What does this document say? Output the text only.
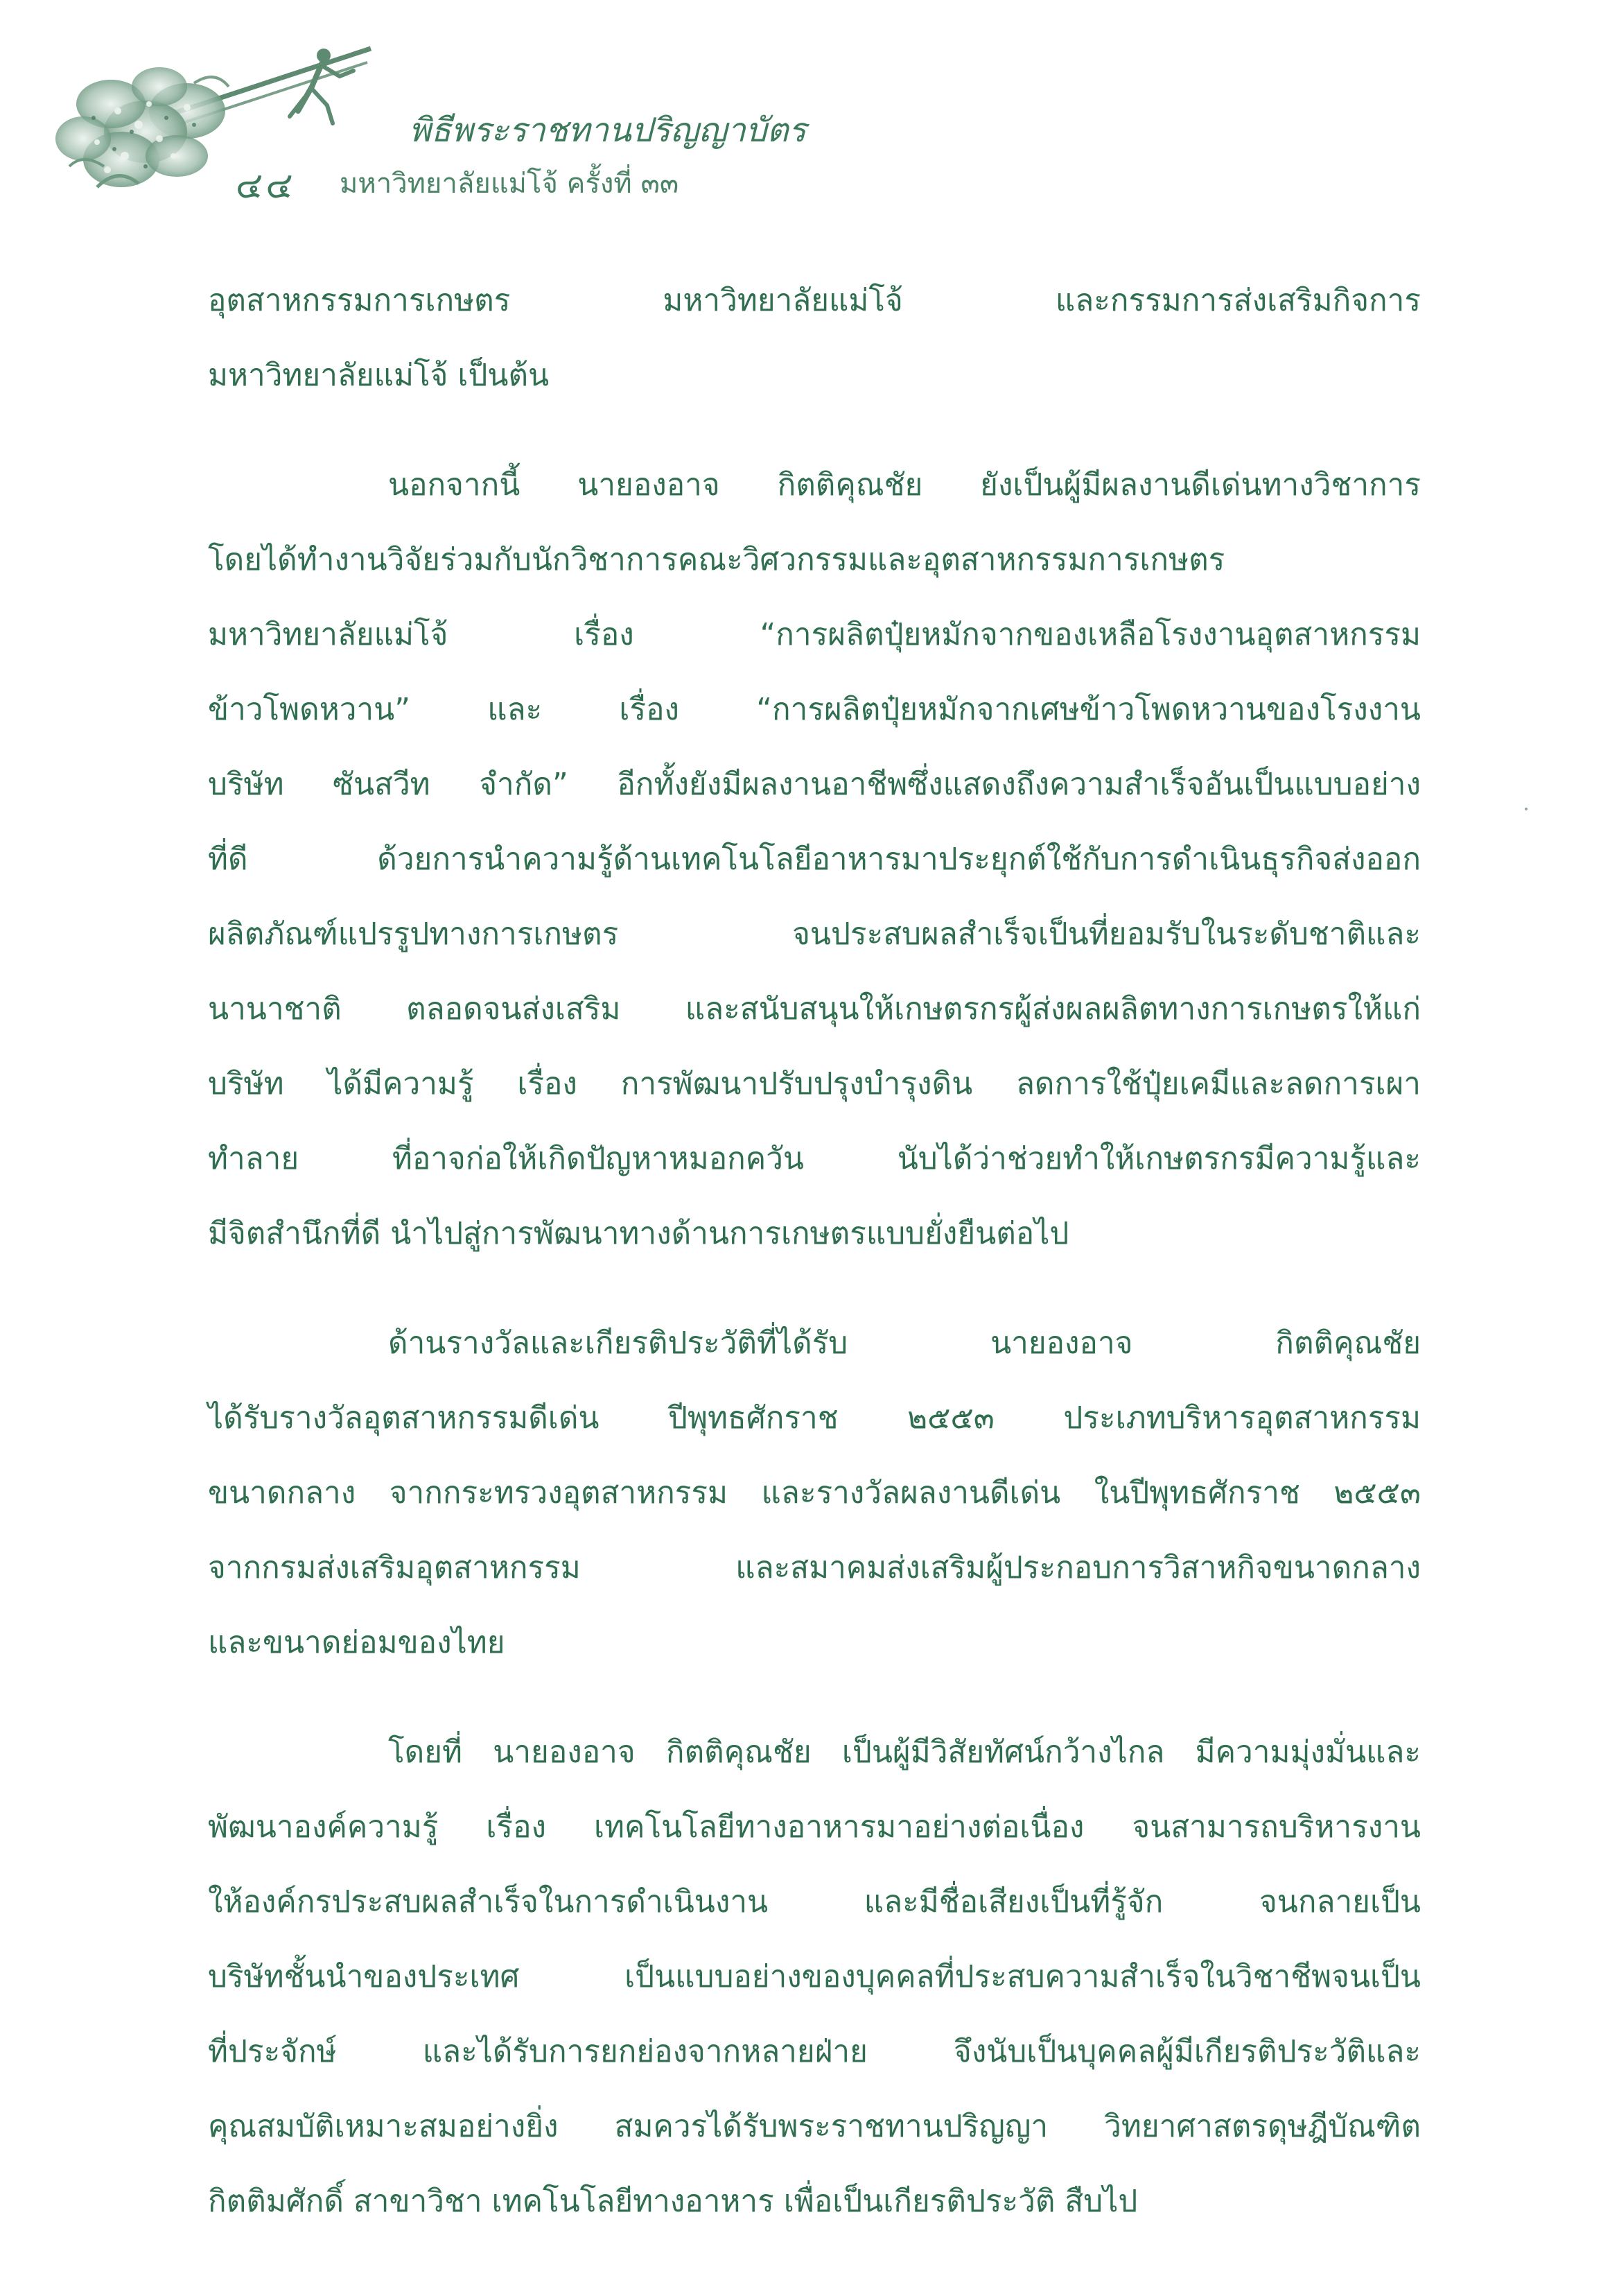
พิธีพระราชทานปริญญาบัตร
๔๔ มหาวิทยาลัยแม่โจ้ ครั้งที่ ๓๓
อุตสาหกรรมการเกษตร มหาวิทยาลัยแม่โจ้ และกรรมการส่งเสริมกิจการ
มหาวิทยาลัยแม่โจ้ เป็นต้น
นอกจากนี้ นายองอาจ กิตติคุณชัย ยังเป็นผู้มีผลงานดีเด่นทางวิชาการ
โดยได้ทำงานวิจัยร่วมกับนักวิชาการคณะวิศวกรรมและอุตสาหกรรมการเกษตร
มหาวิทยาลัยแม่โจ้ เรื่อง “การผลิตปุ๋ยหมักจากของเหลือโรงงานอุตสาหกรรม
ข้าวโพดหวาน” และ เรื่อง “การผลิตปุ๋ยหมักจากเศษข้าวโพดหวานของโรงงาน
บริษัท ซันสวีท จำกัด” อีกทั้งยังมีผลงานอาชีพซึ่งแสดงถึงความสำเร็จอันเป็นแบบอย่าง
ที่ดี ด้วยการนำความรู้ด้านเทคโนโลยีอาหารมาประยุกต์ใช้กับการดำเนินธุรกิจส่งออก
ผลิตภัณฑ์แปรรูปทางการเกษตร จนประสบผลสำเร็จเป็นที่ยอมรับในระดับชาติและ
นานาชาติ ตลอดจนส่งเสริม และสนับสนุนให้เกษตรกรผู้ส่งผลผลิตทางการเกษตรให้แก่
บริษัท ได้มีความรู้ เรื่อง การพัฒนาปรับปรุงบำรุงดิน ลดการใช้ปุ๋ยเคมีและลดการเผา
ทำลาย ที่อาจก่อให้เกิดปัญหาหมอกควัน นับได้ว่าช่วยทำให้เกษตรกรมีความรู้และ
มีจิตสำนึกที่ดี นำไปสู่การพัฒนาทางด้านการเกษตรแบบยั่งยืนต่อไป
ด้านรางวัลและเกียรติประวัติที่ได้รับ นายองอาจ กิตติคุณชัย
ได้รับรางวัลอุตสาหกรรมดีเด่น ปีพุทธศักราช ๒๕๕๓ ประเภทบริหารอุตสาหกรรม
ขนาดกลาง จากกระทรวงอุตสาหกรรม และรางวัลผลงานดีเด่น ในปีพุทธศักราช ๒๕๕๓
จากกรมส่งเสริมอุตสาหกรรม และสมาคมส่งเสริมผู้ประกอบการวิสาหกิจขนาดกลาง
และขนาดย่อมของไทย
โดยที่ นายองอาจ กิตติคุณชัย เป็นผู้มีวิสัยทัศน์กว้างไกล มีความมุ่งมั่นและ
พัฒนาองค์ความรู้ เรื่อง เทคโนโลยีทางอาหารมาอย่างต่อเนื่อง จนสามารถบริหารงาน
ให้องค์กรประสบผลสำเร็จในการดำเนินงาน และมีชื่อเสียงเป็นที่รู้จัก จนกลายเป็น
บริษัทชั้นนำของประเทศ เป็นแบบอย่างของบุคคลที่ประสบความสำเร็จในวิชาชีพจนเป็น
ที่ประจักษ์ และได้รับการยกย่องจากหลายฝ่าย จึงนับเป็นบุคคลผู้มีเกียรติประวัติและ
คุณสมบัติเหมาะสมอย่างยิ่ง สมควรได้รับพระราชทานปริญญา วิทยาศาสตรดุษฎีบัณฑิต
กิตติมศักดิ์ สาขาวิชา เทคโนโลยีทางอาหาร เพื่อเป็นเกียรติประวัติ สืบไป
